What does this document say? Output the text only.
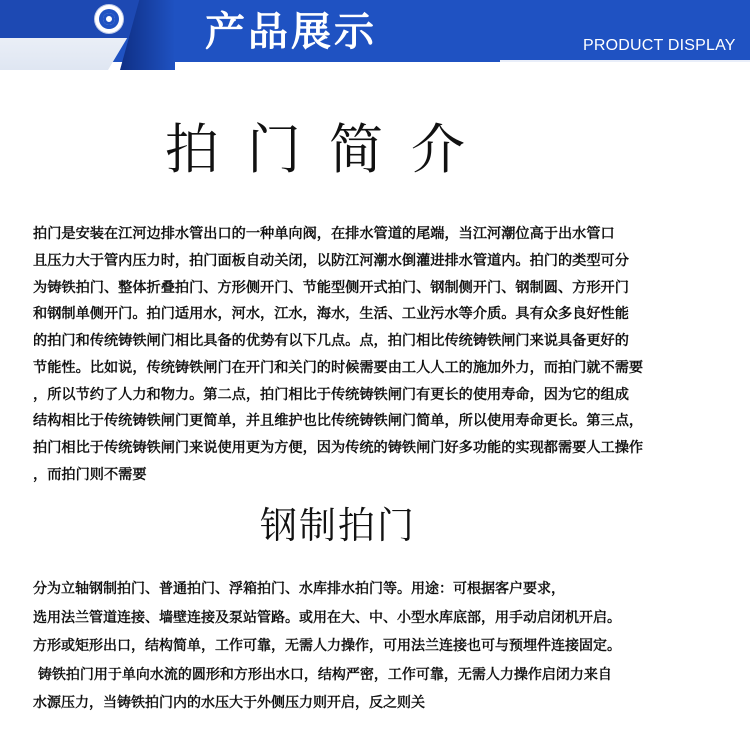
产品展示	PRODUCT DISPLAY
拍门简介
拍门是安装在江河边排水管出口的一种单向阀，在排水管道的尾端，当江河潮位高于出水管口
且压力大于管内压力时，拍门面板自动关闭，以防江河潮水倒灌进排水管道内。拍门的类型可分
为铸铁拍门、整体折叠拍门、方形侧开门、节能型侧开式拍门、钢制侧开门、钢制圆、方形开门
和钢制单侧开门。拍门适用水，河水，江水，海水，生活、工业污水等介质。具有众多良好性能
的拍门和传统铸铁闸门相比具备的优势有以下几点。点，拍门相比传统铸铁闸门来说具备更好的
节能性。比如说，传统铸铁闸门在开门和关门的时候需要由工人人工的施加外力，而拍门就不需要
，所以节约了人力和物力。第二点，拍门相比于传统铸铁闸门有更长的使用寿命，因为它的组成
结构相比于传统铸铁闸门更简单，并且维护也比传统铸铁闸门简单，所以使用寿命更长。第三点，
拍门相比于传统铸铁闸门来说使用更为方便，因为传统的铸铁闸门好多功能的实现都需要人工操作
，而拍门则不需要
钢制拍门
分为立轴钢制拍门、普通拍门、浮箱拍门、水库排水拍门等。用途：可根据客户要求，
选用法兰管道连接、墙壁连接及泵站管路。或用在大、中、小型水库底部，用手动启闭机开启。
方形或矩形出口，结构简单，工作可靠，无需人力操作，可用法兰连接也可与预埋件连接固定。
铸铁拍门用于单向水流的圆形和方形出水口，结构严密，工作可靠，无需人力操作启闭力来自
水源压力，当铸铁拍门内的水压大于外侧压力则开启，反之则关
